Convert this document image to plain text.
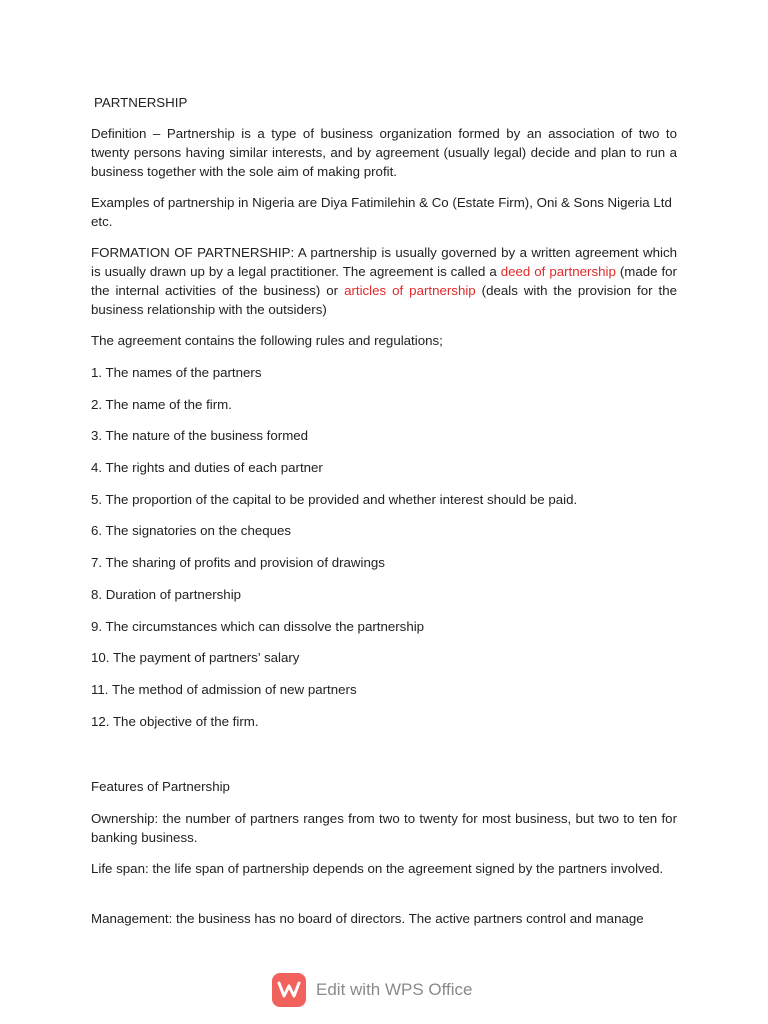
PARTNERSHIP
Definition – Partnership is a type of business organization formed by an association of two to twenty persons having similar interests, and by agreement (usually legal) decide and plan to run a business together with the sole aim of making profit.
Examples of partnership in Nigeria are Diya Fatimilehin & Co (Estate Firm), Oni & Sons Nigeria Ltd etc.
FORMATION OF PARTNERSHIP: A partnership is usually governed by a written agreement which is usually drawn up by a legal practitioner. The agreement is called a deed of partnership (made for the internal activities of the business) or articles of partnership (deals with the provision for the business relationship with the outsiders)
The agreement contains the following rules and regulations;
1. The names of the partners
2. The name of the firm.
3. The nature of the business formed
4. The rights and duties of each partner
5. The proportion of the capital to be provided and whether interest should be paid.
6. The signatories on the cheques
7. The sharing of profits and provision of drawings
8. Duration of partnership
9. The circumstances which can dissolve the partnership
10. The payment of partners’ salary
11. The method of admission of new partners
12. The objective of the firm.
Features of Partnership
Ownership: the number of partners ranges from two to twenty for most business, but two to ten for banking business.
Life span: the life span of partnership depends on the agreement signed by the partners involved.
Management: the business has no board of directors. The active partners control and manage
Edit with WPS Office
